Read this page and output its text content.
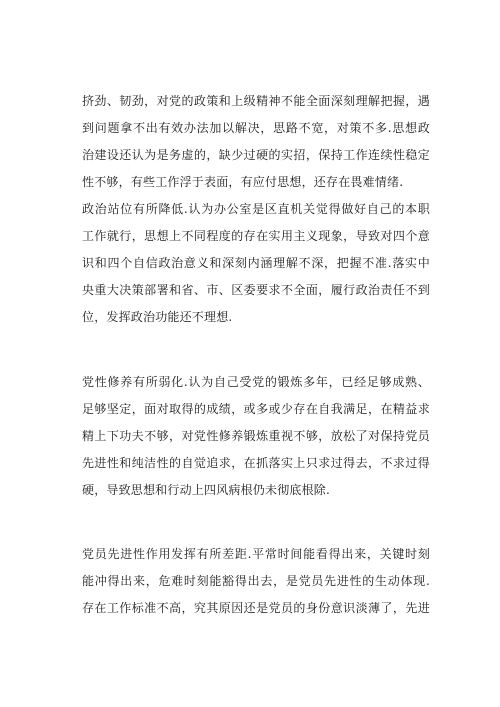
挤劲、韧劲，对党的政策和上级精神不能全面深刻理解把握，遇
到问题拿不出有效办法加以解决，思路不宽，对策不多.思想政
治建设还认为是务虚的，缺少过硬的实招，保持工作连续性稳定
性不够，有些工作浮于表面，有应付思想，还存在畏难情绪.
政治站位有所降低.认为办公室是区直机关觉得做好自己的本职
工作就行，思想上不同程度的存在实用主义现象，导致对四个意
识和四个自信政治意义和深刻内涵理解不深，把握不准.落实中
央重大决策部署和省、市、区委要求不全面，履行政治责任不到
位，发挥政治功能还不理想.
党性修养有所弱化.认为自己受党的锻炼多年，已经足够成熟、
足够坚定，面对取得的成绩，或多或少存在自我满足，在精益求
精上下功夫不够，对党性修养锻炼重视不够，放松了对保持党员
先进性和纯洁性的自觉追求，在抓落实上只求过得去，不求过得
硬，导致思想和行动上四风病根仍未彻底根除.
党员先进性作用发挥有所差距.平常时间能看得出来，关键时刻
能冲得出来，危难时刻能豁得出去，是党员先进性的生动体现.
存在工作标准不高，究其原因还是党员的身份意识淡薄了，先进
